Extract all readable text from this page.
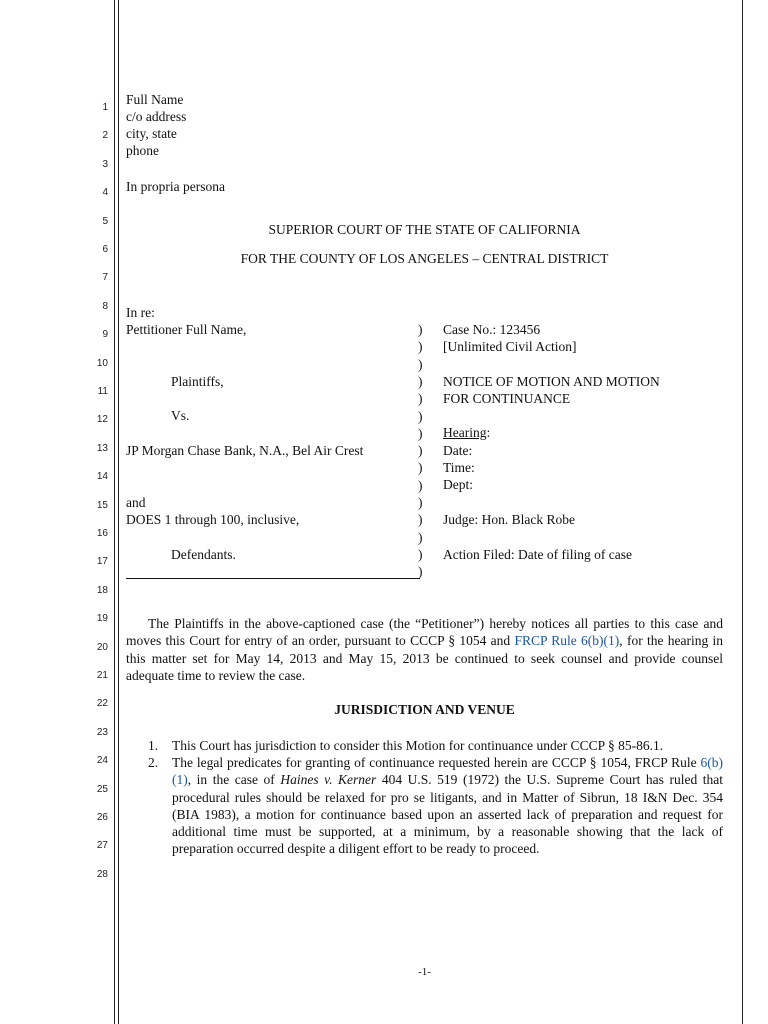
1
2
3
4
5
6
7
8
9
10
11
12
13
14
15
16
17
18
19
20
21
22
23
24
25
26
27
28
Full Name
c/o address
city, state
phone
In propria persona
SUPERIOR COURT OF THE STATE OF CALIFORNIA
FOR THE COUNTY OF LOS ANGELES – CENTRAL DISTRICT
In re:
Pettitioner Full Name,
Plaintiffs,
Vs.
JP Morgan Chase Bank, N.A., Bel Air Crest
and
DOES 1 through 100, inclusive,
Defendants.
)
)
)
)
)
)
)
)
)
)
)
)
)
)
)
Case No.: 123456
[Unlimited Civil Action]
NOTICE OF MOTION AND MOTION
FOR CONTINUANCE
Hearing:
Date:
Time:
Dept:
Judge: Hon. Black Robe
Action Filed: Date of filing of case
The Plaintiffs in the above-captioned case (the “Petitioner”) hereby notices all parties to this case and moves this Court for entry of an order, pursuant to CCCP § 1054 and FRCP Rule 6(b)(1), for the hearing in this matter set for May 14, 2013 and May 15, 2013 be continued to seek counsel and provide counsel adequate time to review the case.
JURISDICTION AND VENUE
1. This Court has jurisdiction to consider this Motion for continuance under CCCP § 85-86.1.
2. The legal predicates for granting of continuance requested herein are CCCP § 1054, FRCP Rule 6(b)(1), in the case of Haines v. Kerner 404 U.S. 519 (1972) the U.S. Supreme Court has ruled that procedural rules should be relaxed for pro se litigants, and in Matter of Sibrun, 18 I&N Dec. 354 (BIA 1983), a motion for continuance based upon an asserted lack of preparation and request for additional time must be supported, at a minimum, by a reasonable showing that the lack of preparation occurred despite a diligent effort to be ready to proceed.
-1-
